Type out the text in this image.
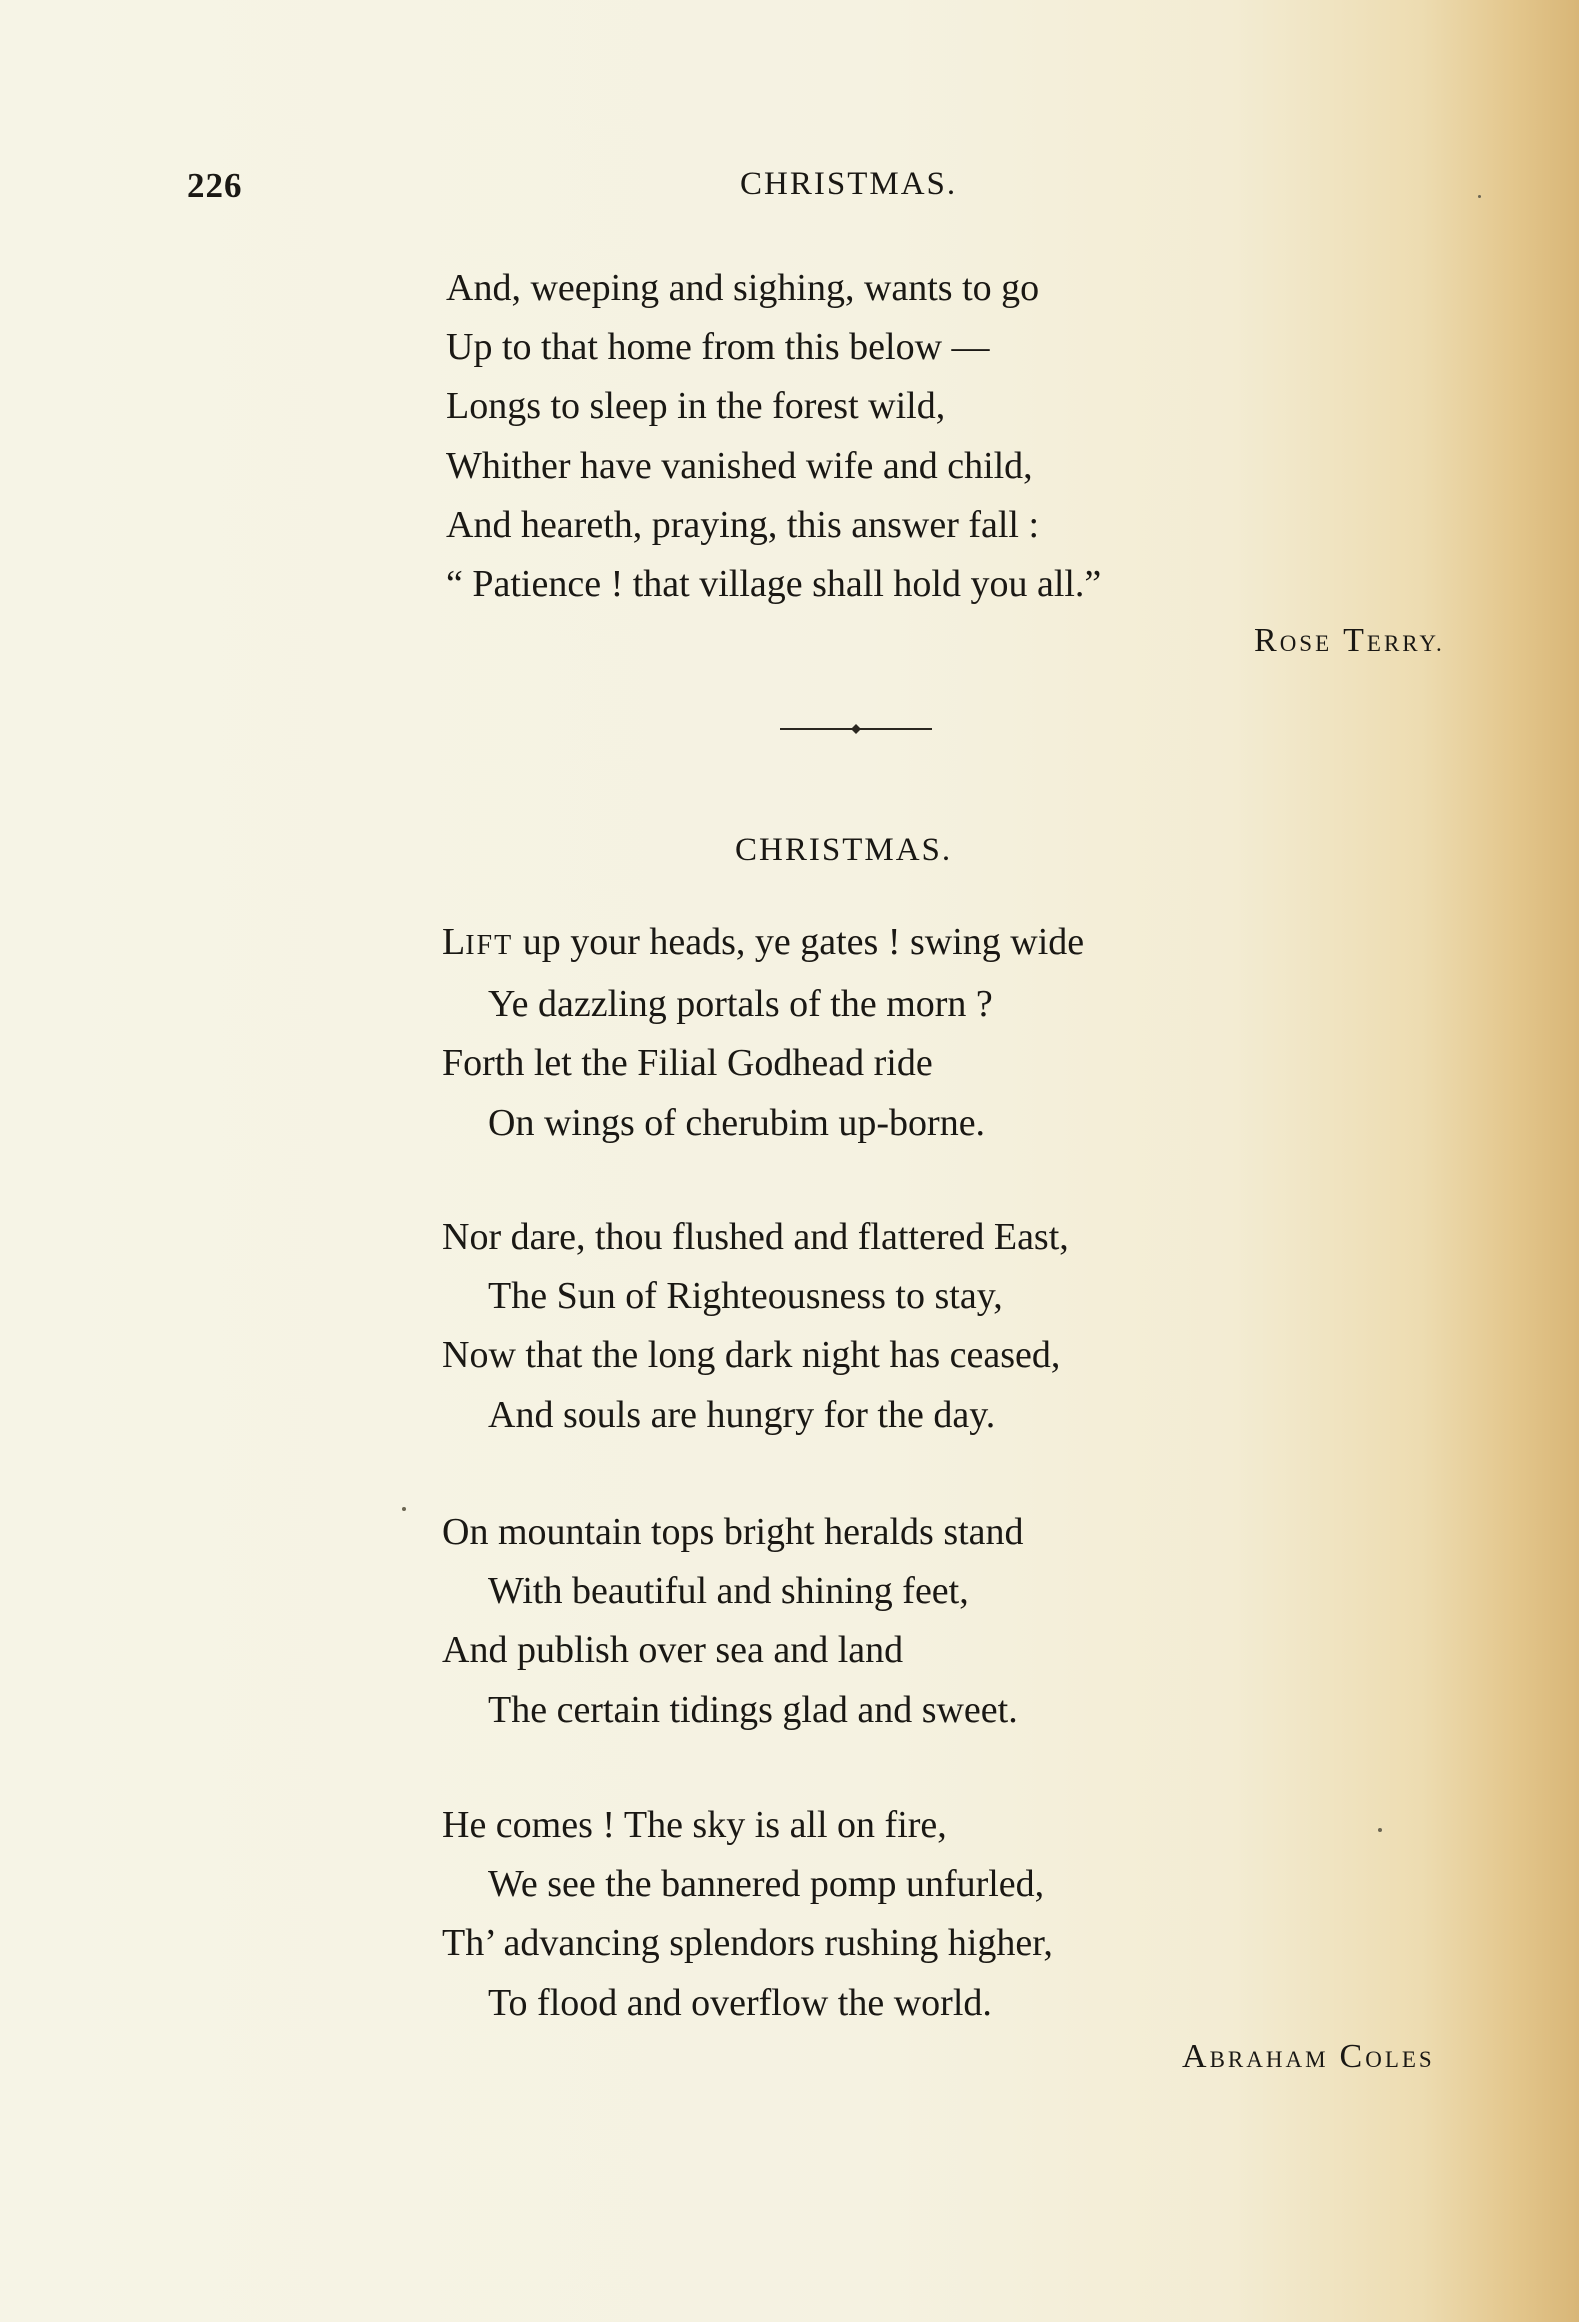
226	CHRISTMAS.
And, weeping and sighing, wants to go
Up to that home from this below —
Longs to sleep in the forest wild,
Whither have vanished wife and child,
And heareth, praying, this answer fall :
“ Patience ! that village shall hold you all.”
ROSE TERRY.
CHRISTMAS.
LIFT up your heads, ye gates ! swing wide
Ye dazzling portals of the morn ?
Forth let the Filial Godhead ride
On wings of cherubim up-borne.
Nor dare, thou flushed and flattered East,
The Sun of Righteousness to stay,
Now that the long dark night has ceased,
And souls are hungry for the day.
On mountain tops bright heralds stand
With beautiful and shining feet,
And publish over sea and land
The certain tidings glad and sweet.
He comes ! The sky is all on fire,
We see the bannered pomp unfurled,
Th’ advancing splendors rushing higher,
To flood and overflow the world.
ABRAHAM COLES
